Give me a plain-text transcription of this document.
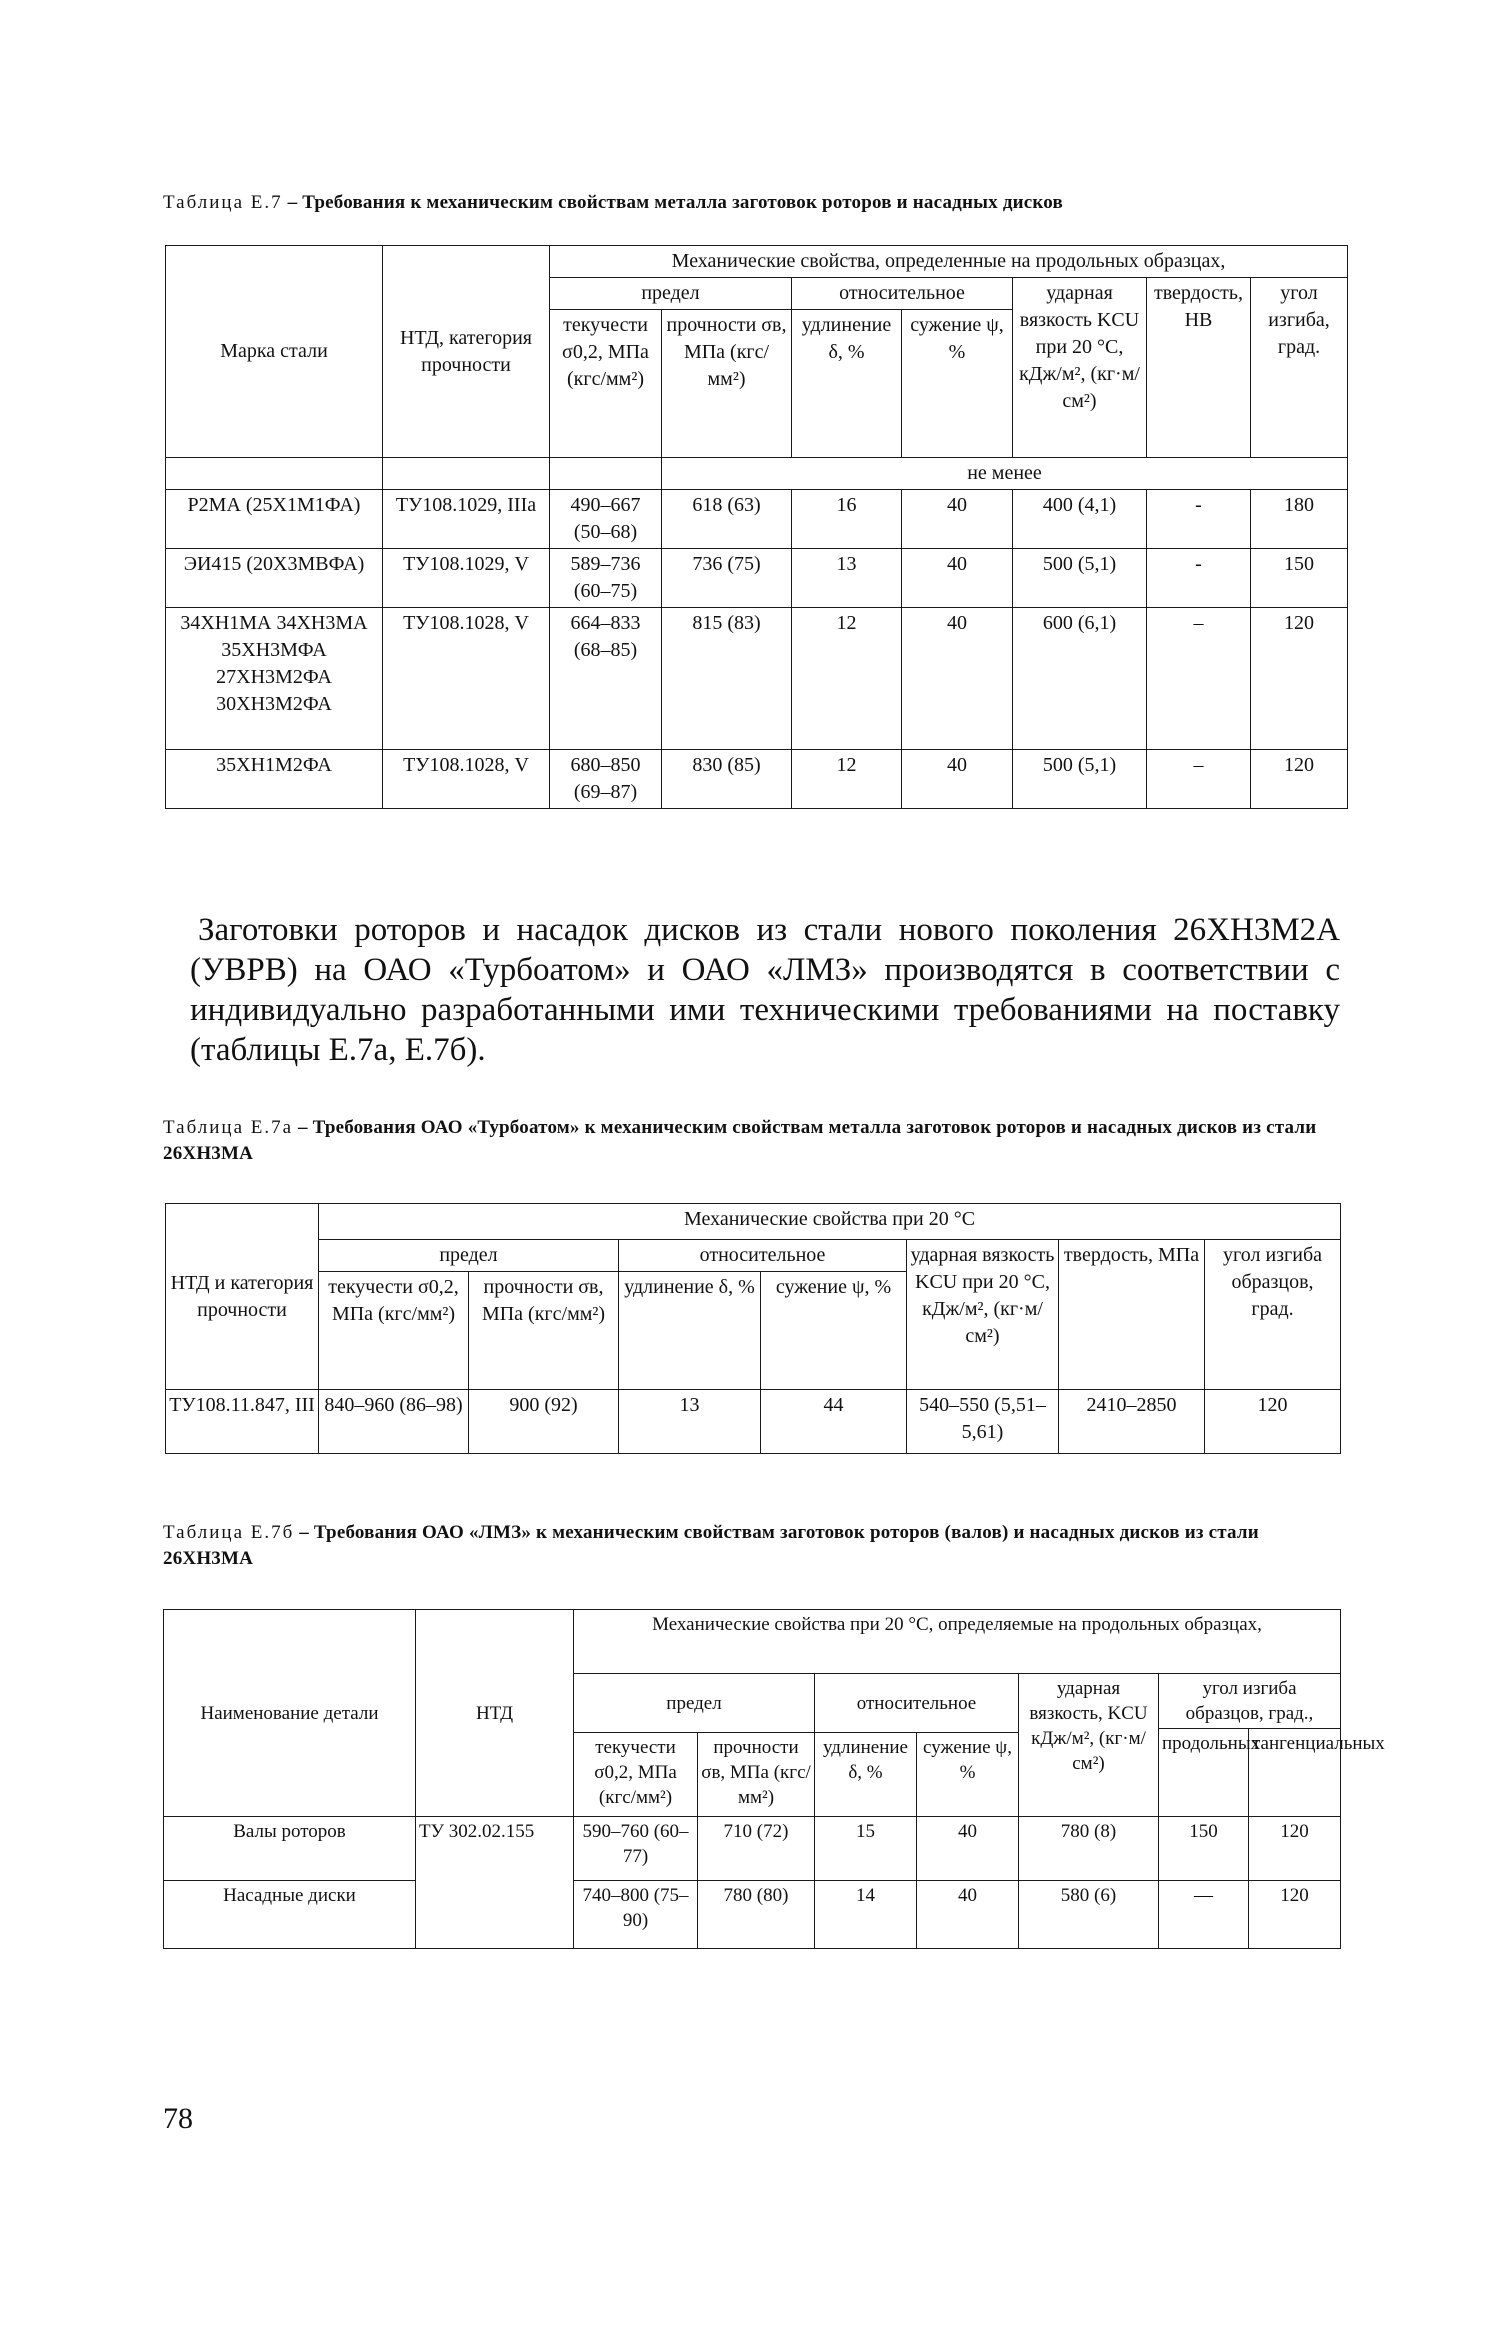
Таблица Е.7 – Требования к механическим свойствам металла заготовок роторов и насадных дисков
Марка стали	НТД, категория прочности	Механические свойства, определенные на продольных образцах,						
		предел		относительное		ударная вязкость KCU при 20 °С, кДж/м², (кг·м/см²)	твердость, НВ	угол изгиба, град.
		текучести σ0,2, МПа (кгс/мм²)	прочности σв, МПа (кгс/мм²)	удлинение δ, %	сужение ψ, %			
			не менее					
Р2МА (25Х1М1ФА)	ТУ108.1029, IIIа	490–667 (50–68)	618 (63)	16	40	400 (4,1)	-	180
ЭИ415 (20Х3МВФА)	ТУ108.1029, V	589–736 (60–75)	736 (75)	13	40	500 (5,1)	-	150
34ХН1МА 34ХН3МА 35ХН3МФА 27ХН3М2ФА 30ХН3М2ФА	ТУ108.1028, V	664–833 (68–85)	815 (83)	12	40	600 (6,1)	–	120
35ХН1М2ФА	ТУ108.1028, V	680–850 (69–87)	830 (85)	12	40	500 (5,1)	–	120
Заготовки роторов и насадок дисков из стали нового поколения 26ХН3М2А (УВРВ) на ОАО «Турбоатом» и ОАО «ЛМЗ» производятся в соответствии с индивидуально разработанными ими техническими требованиями на поставку (таблицы Е.7а, Е.7б).
Таблица Е.7а – Требования ОАО «Турбоатом» к механическим свойствам металла заготовок роторов и насадных дисков из стали 26ХН3МА
НТД и категория прочности	Механические свойства при 20 °С						
	предел		относительное		ударная вязкость KCU при 20 °С, кДж/м², (кг·м/см²)	твердость, МПа	угол изгиба образцов, град.
	текучести σ0,2, МПа (кгс/мм²)	прочности σв, МПа (кгс/мм²)	удлинение δ, %	сужение ψ, %			
ТУ108.11.847, III	840–960 (86–98)	900 (92)	13	44	540–550 (5,51–5,61)	2410–2850	120
Таблица Е.7б – Требования ОАО «ЛМЗ» к механическим свойствам заготовок роторов (валов) и насадных дисков из стали 26ХН3МА
Наименование детали	НТД	Механические свойства при 20 °С, определяемые на продольных образцах,						
		предел		относительное		ударная вязкость, KCU кДж/м², (кг·м/см²)	угол изгиба образцов, град.,	
							продольных	тангенциальных
		текучести σ0,2, МПа (кгс/мм²)	прочности σв, МПа (кгс/мм²)	удлинение δ, %	сужение ψ, %			
Валы роторов	ТУ 302.02.155	590–760 (60–77)	710 (72)	15	40	780 (8)	150	120
Насадные диски		740–800 (75–90)	780 (80)	14	40	580 (6)	—	120
78
